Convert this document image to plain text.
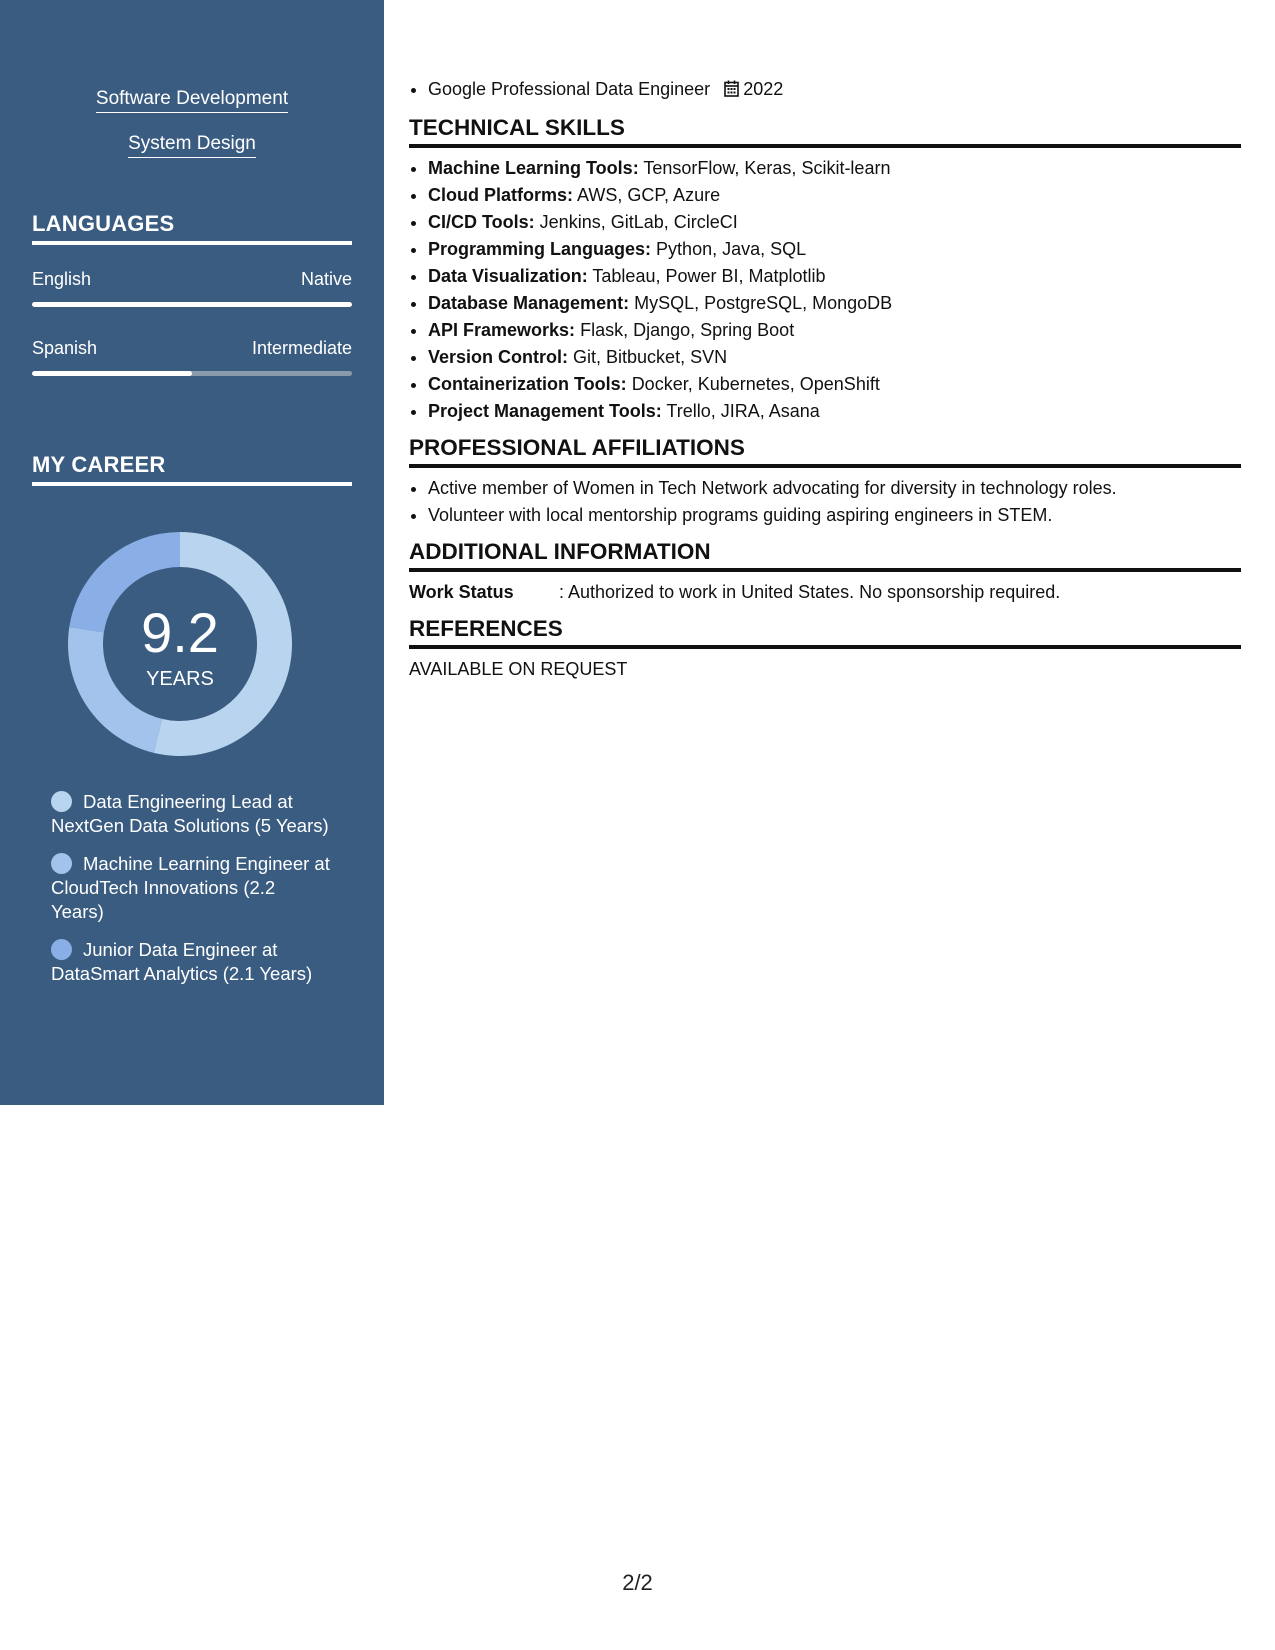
Software Development
System Design
LANGUAGES
English	Native
Spanish	Intermediate
MY CAREER
9.2
YEARS
Data Engineering Lead at NextGen Data Solutions (5 Years)
Machine Learning Engineer at CloudTech Innovations (2.2 Years)
Junior Data Engineer at DataSmart Analytics (2.1 Years)
• Google Professional Data Engineer 2022
TECHNICAL SKILLS
• Machine Learning Tools: TensorFlow, Keras, Scikit-learn
• Cloud Platforms: AWS, GCP, Azure
• CI/CD Tools: Jenkins, GitLab, CircleCI
• Programming Languages: Python, Java, SQL
• Data Visualization: Tableau, Power BI, Matplotlib
• Database Management: MySQL, PostgreSQL, MongoDB
• API Frameworks: Flask, Django, Spring Boot
• Version Control: Git, Bitbucket, SVN
• Containerization Tools: Docker, Kubernetes, OpenShift
• Project Management Tools: Trello, JIRA, Asana
PROFESSIONAL AFFILIATIONS
• Active member of Women in Tech Network advocating for diversity in technology roles.
• Volunteer with local mentorship programs guiding aspiring engineers in STEM.
ADDITIONAL INFORMATION
Work Status	: Authorized to work in United States. No sponsorship required.
REFERENCES
AVAILABLE ON REQUEST
2/2
